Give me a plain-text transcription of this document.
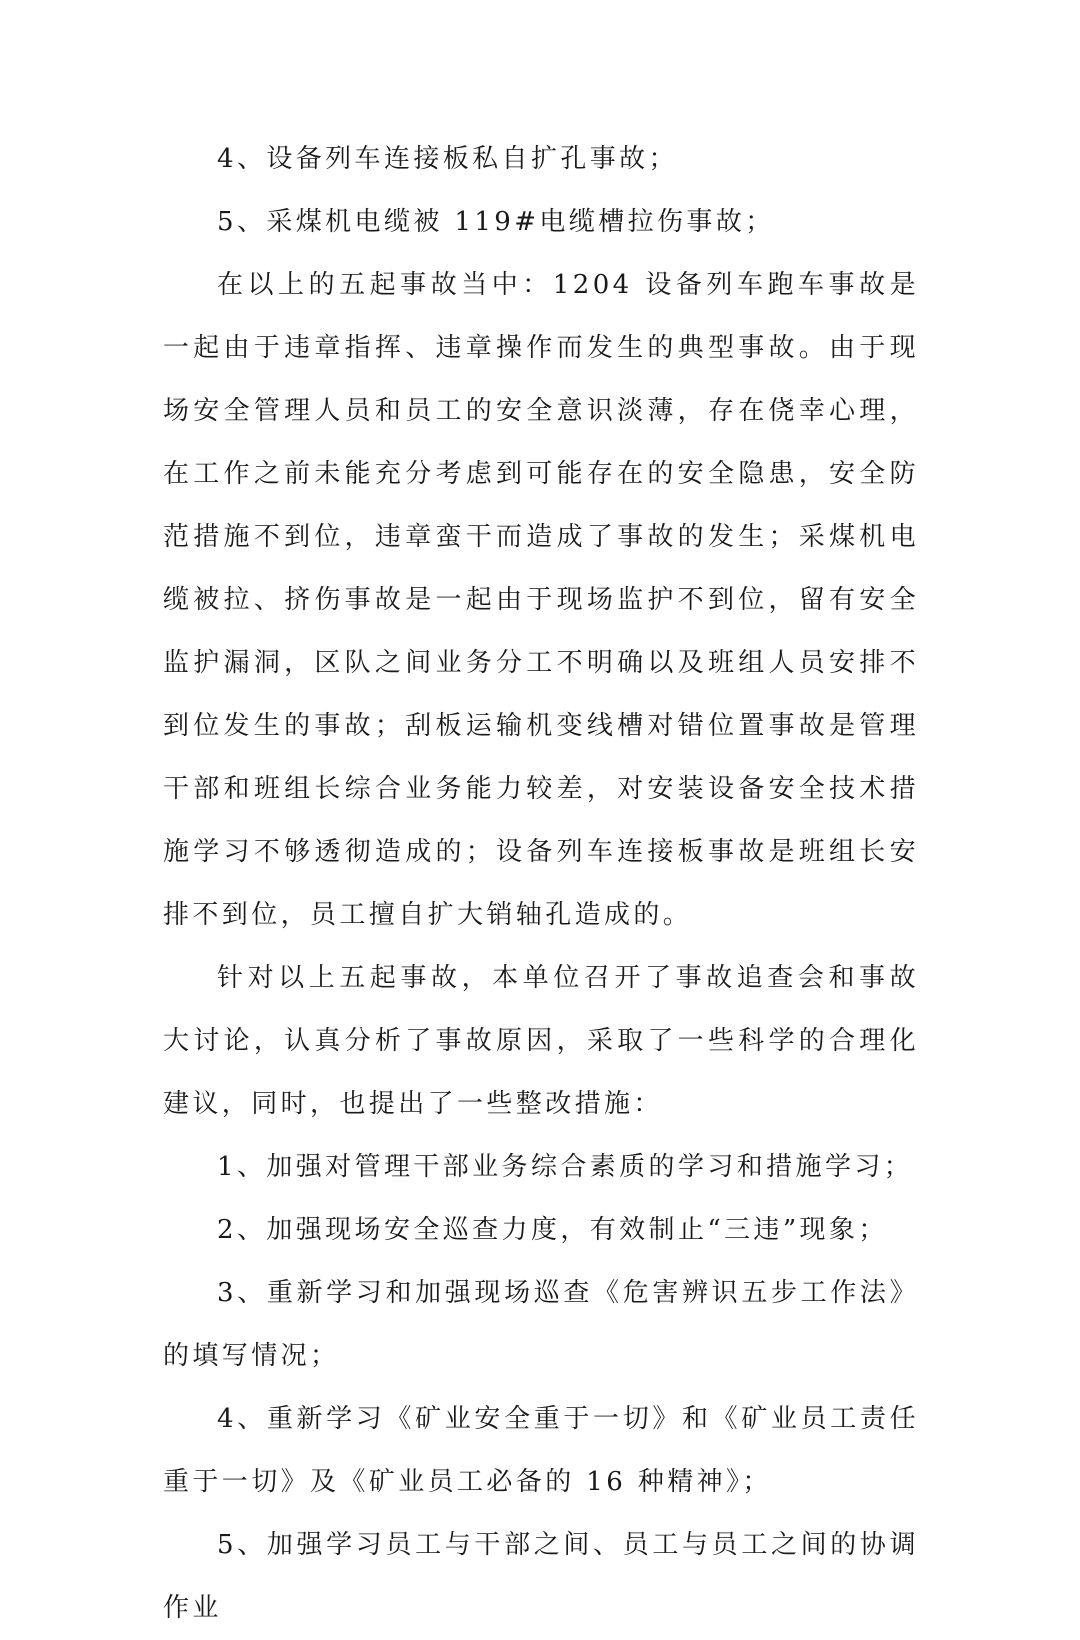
4、设备列车连接板私自扩孔事故；

5、采煤机电缆被 119#电缆槽拉伤事故；

在以上的五起事故当中：1204 设备列车跑车事故是一起由于违章指挥、违章操作而发生的典型事故。由于现场安全管理人员和员工的安全意识淡薄，存在侥幸心理，在工作之前未能充分考虑到可能存在的安全隐患，安全防范措施不到位，违章蛮干而造成了事故的发生；采煤机电缆被拉、挤伤事故是一起由于现场监护不到位，留有安全监护漏洞，区队之间业务分工不明确以及班组人员安排不到位发生的事故；刮板运输机变线槽对错位置事故是管理干部和班组长综合业务能力较差，对安装设备安全技术措施学习不够透彻造成的；设备列车连接板事故是班组长安排不到位，员工擅自扩大销轴孔造成的。

针对以上五起事故，本单位召开了事故追查会和事故大讨论，认真分析了事故原因，采取了一些科学的合理化建议，同时，也提出了一些整改措施：

1、加强对管理干部业务综合素质的学习和措施学习；

2、加强现场安全巡查力度，有效制止“三违”现象；

3、重新学习和加强现场巡查《危害辨识五步工作法》的填写情况；

4、重新学习《矿业安全重于一切》和《矿业员工责任重于一切》及《矿业员工必备的 16 种精神》；

5、加强学习员工与干部之间、员工与员工之间的协调作业
